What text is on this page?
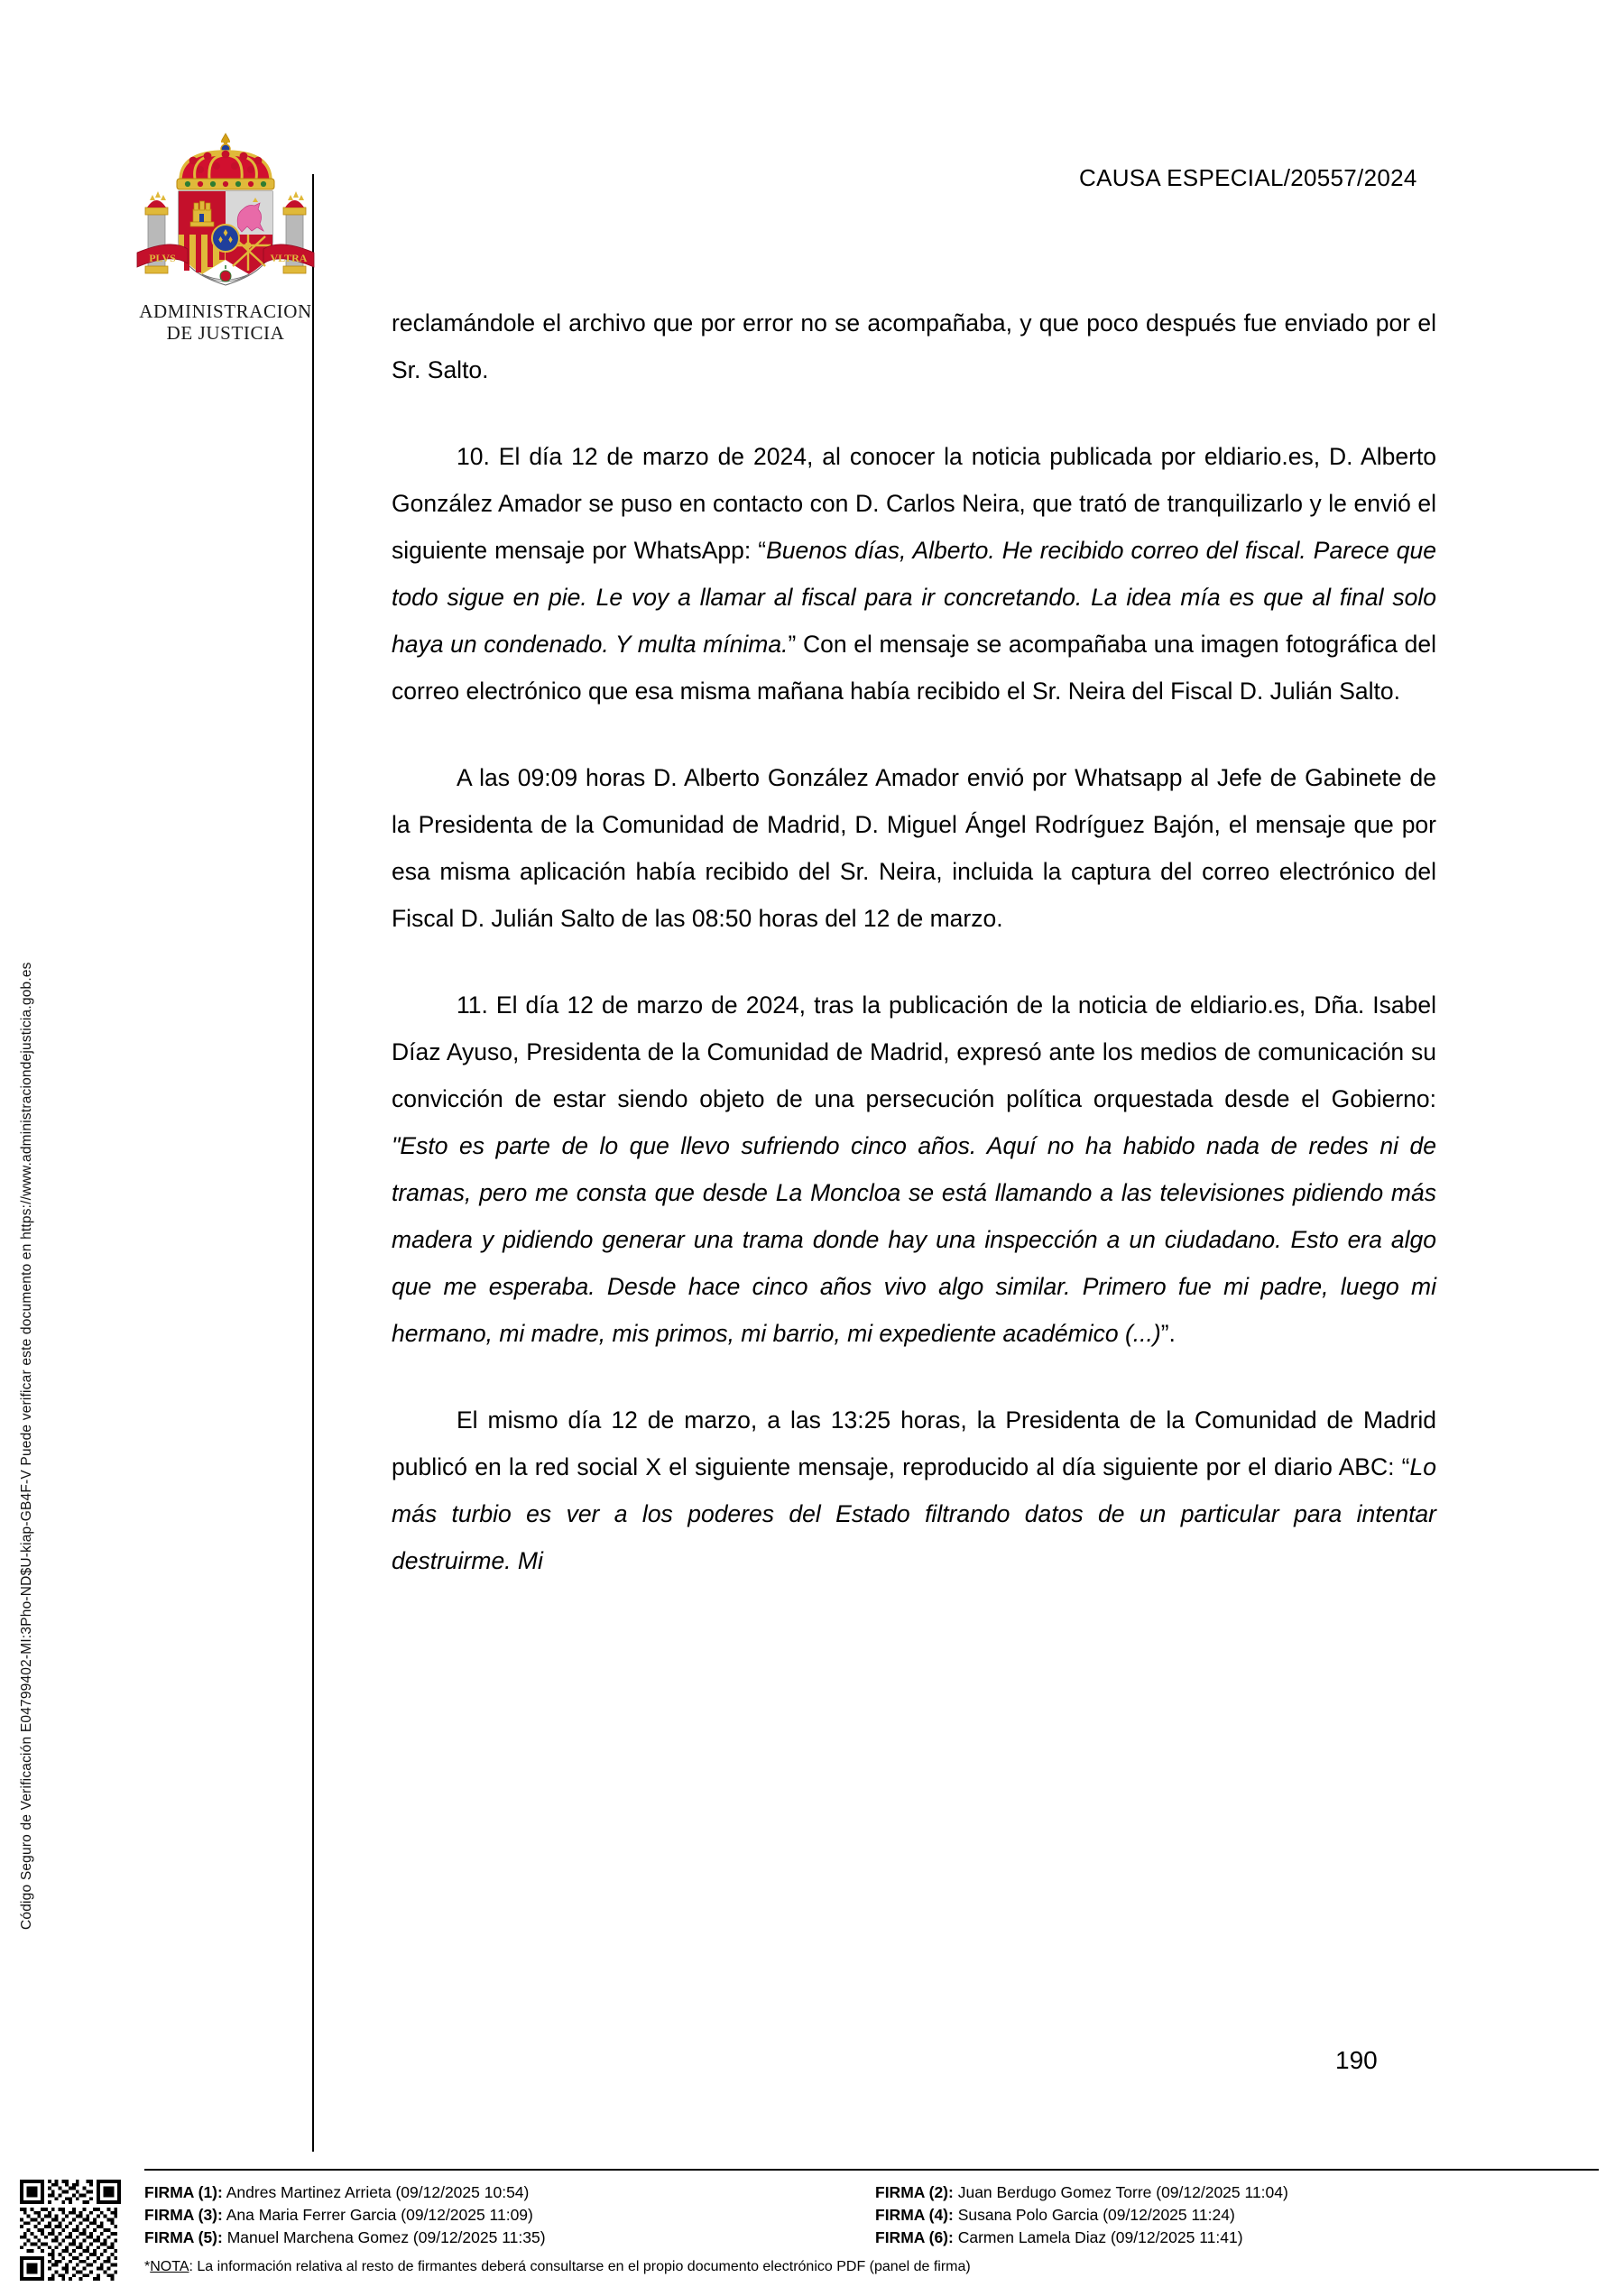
Código Seguro de Verificación E04799402-MI:3Pho-ND$U-kiap-GB4F-V Puede verificar este documento en https://www.administraciondejusticia.gob.es
PLVS	VLTRA
ADMINISTRACION
DE JUSTICIA
CAUSA ESPECIAL/20557/2024

reclamándole el archivo que por error no se acompañaba, y que poco después fue enviado por el Sr. Salto.

10. El día 12 de marzo de 2024, al conocer la noticia publicada por eldiario.es, D. Alberto González Amador se puso en contacto con D. Carlos Neira, que trató de tranquilizarlo y le envió el siguiente mensaje por WhatsApp: “Buenos días, Alberto. He recibido correo del fiscal. Parece que todo sigue en pie. Le voy a llamar al fiscal para ir concretando. La idea mía es que al final solo haya un condenado. Y multa mínima.” Con el mensaje se acompañaba una imagen fotográfica del correo electrónico que esa misma mañana había recibido el Sr. Neira del Fiscal D. Julián Salto.

A las 09:09 horas D. Alberto González Amador envió por Whatsapp al Jefe de Gabinete de la Presidenta de la Comunidad de Madrid, D. Miguel Ángel Rodríguez Bajón, el mensaje que por esa misma aplicación había recibido del Sr. Neira, incluida la captura del correo electrónico del Fiscal D. Julián Salto de las 08:50 horas del 12 de marzo.

11. El día 12 de marzo de 2024, tras la publicación de la noticia de eldiario.es, Dña. Isabel Díaz Ayuso, Presidenta de la Comunidad de Madrid, expresó ante los medios de comunicación su convicción de estar siendo objeto de una persecución política orquestada desde el Gobierno: "Esto es parte de lo que llevo sufriendo cinco años. Aquí no ha habido nada de redes ni de tramas, pero me consta que desde La Moncloa se está llamando a las televisiones pidiendo más madera y pidiendo generar una trama donde hay una inspección a un ciudadano. Esto era algo que me esperaba. Desde hace cinco años vivo algo similar. Primero fue mi padre, luego mi hermano, mi madre, mis primos, mi barrio, mi expediente académico (...)”.

El mismo día 12 de marzo, a las 13:25 horas, la Presidenta de la Comunidad de Madrid publicó en la red social X el siguiente mensaje, reproducido al día siguiente por el diario ABC: “Lo más turbio es ver a los poderes del Estado filtrando datos de un particular para intentar destruirme. Mi

190
FIRMA (1): Andres Martinez Arrieta (09/12/2025 10:54)
FIRMA (3): Ana Maria Ferrer Garcia (09/12/2025 11:09)
FIRMA (5): Manuel Marchena Gomez (09/12/2025 11:35)
FIRMA (2): Juan Berdugo Gomez Torre (09/12/2025 11:04)
FIRMA (4): Susana Polo Garcia (09/12/2025 11:24)
FIRMA (6): Carmen Lamela Diaz (09/12/2025 11:41)
*NOTA: La información relativa al resto de firmantes deberá consultarse en el propio documento electrónico PDF (panel de firma)
